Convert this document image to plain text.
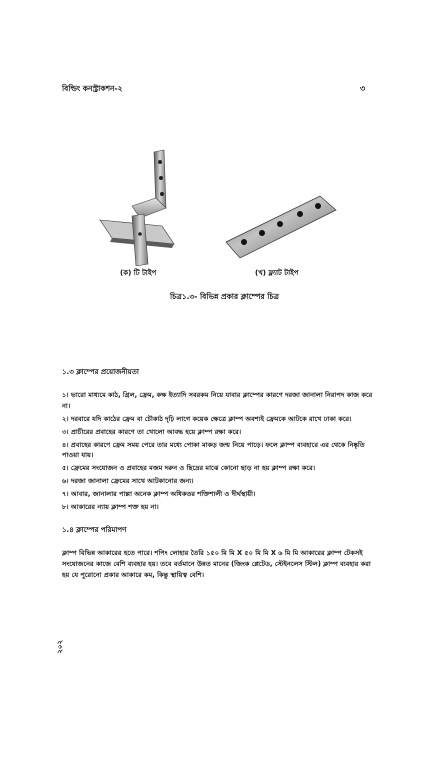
বিল্ডিং কনস্ট্রাকশন-২	৩
(ক) টি টাইপ	(খ) ফ্ল্যাট টাইপ
চিত্র১.৩- বিভিন্ন প্রকার ক্লাম্পের চিত্র
১.৩ ক্লাম্পের প্রয়োজনীয়তা
১। ভারো মাধ্যমে কাঠ, গ্রিল, ফ্রেম, কক্ষ ইত্যাদি সবরকম নিয়ে যাবার ক্লাম্পের কারণে দরজা জানালা নিরাপদ কাজ করে না।
২। দরবারে যদি কাঠের ফ্রেম বা চৌকাঠ দৃঢ়ি লাগে কয়েক ক্ষেত্রে ক্লাম্প অবশ্যই ফ্রেমকে আটকে রাখে ঢাকা করে।
৩। প্রাচীরের প্রবাহের কারণে তা খোলো আবদ্ধ হয়ে ক্লাম্প রক্ষা করে।
৪। প্রবাহের কারণে ফ্রেম সময় পেরে তার মধ্যে পোকা মাকড় জন্ম নিয়ে পাড়ে। ফলে ক্লাম্প ব্যবহারে এর থেকে নিষ্কৃতি পাওয়া যায়।
৫। ফ্রেমের সংযোজন ও প্রবাহের মজম দরুন ও ছিদ্রের মাঝে কোনো ছাড় না হয় ক্লাম্প রক্ষা করে।
৬। দরজা জানালা ফ্রেমের সাথে আটকানোর জন্য।
৭। আবার, জানালার পাল্লা অনেক ক্লাম্প অধিকতর শক্তিশালী ও দীর্ঘস্থায়ী।
৮। আকারের ন্যায় ক্লাম্প শক্ত হয় না।
১.৪ ক্লাম্পের পরিমাপণ

ক্লাম্প বিভিন্ন আকারের হতে পারে। শপিং লোহার তৈরি ১৫০ মি মি X ৫০ মি মি X ৬ মি মি আকারের ক্লাম্প টেকসই সংযোজনের কাজে বেশি ব্যবহার হয়। তবে বর্তমানে উন্নত মানের (জিংক প্লেটেড, স্টেইনলেস স্টিল) ক্লাম্প ব্যবহার করা হয় যে পুরোনো প্রকার আকারে কম, কিন্তু স্থায়িত্ব বেশি।

২০২
